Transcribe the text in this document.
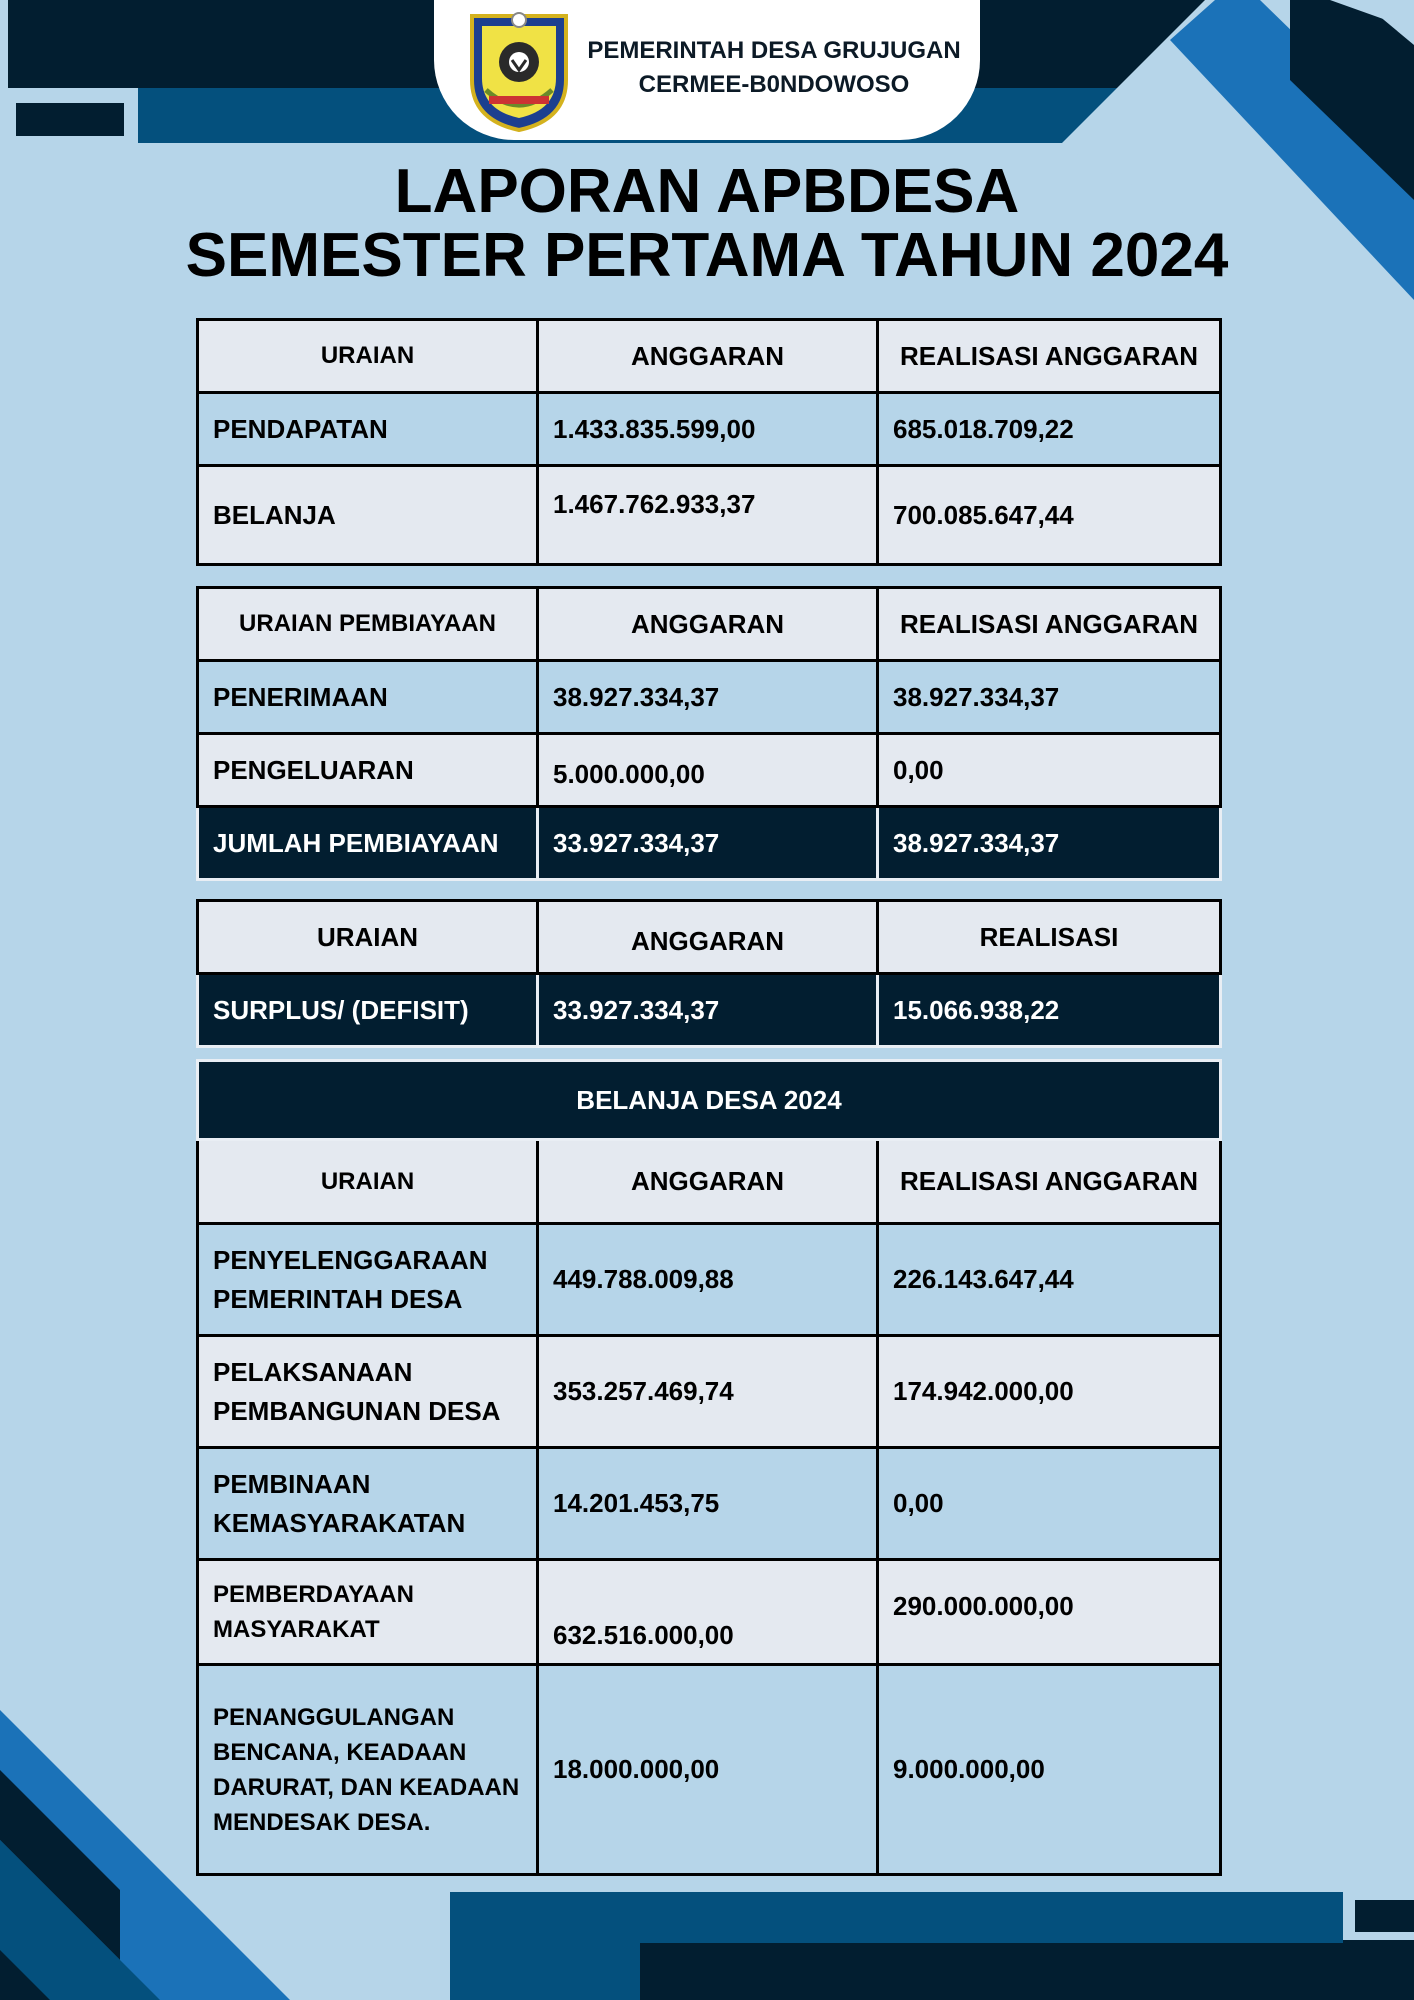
PEMERINTAH DESA GRUJUGAN
CERMEE-B0NDOWOSO
LAPORAN APBDESA
SEMESTER PERTAMA TAHUN 2024
URAIAN	ANGGARAN	REALISASI ANGGARAN
PENDAPATAN	1.433.835.599,00	685.018.709,22
BELANJA	1.467.762.933,37	700.085.647,44
URAIAN PEMBIAYAAN	ANGGARAN	REALISASI ANGGARAN
PENERIMAAN	38.927.334,37	38.927.334,37
PENGELUARAN	5.000.000,00	0,00
JUMLAH PEMBIAYAAN	33.927.334,37	38.927.334,37
URAIAN	ANGGARAN	REALISASI
SURPLUS/ (DEFISIT)	33.927.334,37	15.066.938,22
BELANJA DESA 2024		
URAIAN	ANGGARAN	REALISASI ANGGARAN
PENYELENGGARAAN PEMERINTAH DESA	449.788.009,88	226.143.647,44
PELAKSANAAN PEMBANGUNAN DESA	353.257.469,74	174.942.000,00
PEMBINAAN KEMASYARAKATAN	14.201.453,75	0,00
PEMBERDAYAAN MASYARAKAT	632.516.000,00	290.000.000,00
PENANGGULANGAN BENCANA, KEADAAN DARURAT, DAN KEADAAN MENDESAK DESA.	18.000.000,00	9.000.000,00
